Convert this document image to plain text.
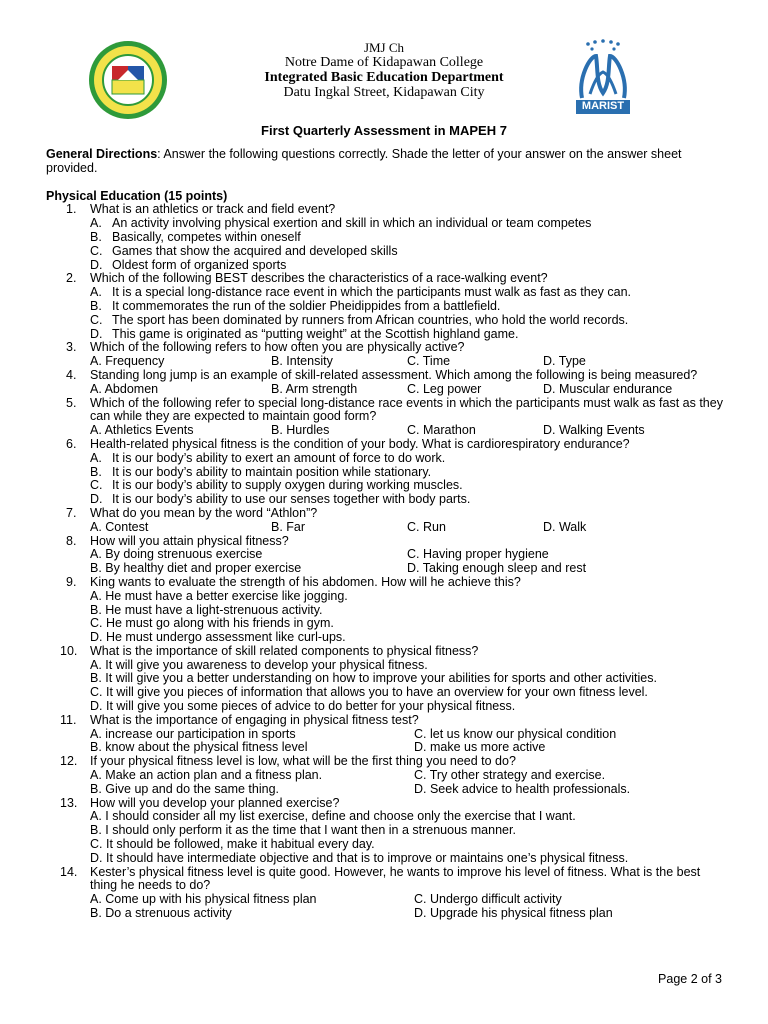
JMJ Ch
Notre Dame of Kidapawan College
Integrated Basic Education Department
Datu Ingkal Street, Kidapawan City
MARIST
First Quarterly Assessment in MAPEH 7
General Directions: Answer the following questions correctly. Shade the letter of your answer on the answer sheet provided.
Physical Education (15 points)
1. What is an athletics or track and field event?
A. An activity involving physical exertion and skill in which an individual or team competes
B. Basically, competes within oneself
C. Games that show the acquired and developed skills
D. Oldest form of organized sports
2. Which of the following BEST describes the characteristics of a race-walking event?
A. It is a special long-distance race event in which the participants must walk as fast as they can.
B. It commemorates the run of the soldier Pheidippides from a battlefield.
C. The sport has been dominated by runners from African countries, who hold the world records.
D. This game is originated as “putting weight” at the Scottish highland game.
3. Which of the following refers to how often you are physically active?
A. Frequency	B. Intensity	C. Time	D. Type
4. Standing long jump is an example of skill-related assessment. Which among the following is being measured?
A. Abdomen	B. Arm strength	C. Leg power	D. Muscular endurance
5. Which of the following refer to special long-distance race events in which the participants must walk as fast as they can while they are expected to maintain good form?
A. Athletics Events	B. Hurdles	C. Marathon	D. Walking Events
6. Health-related physical fitness is the condition of your body. What is cardiorespiratory endurance?
A. It is our body’s ability to exert an amount of force to do work.
B. It is our body’s ability to maintain position while stationary.
C. It is our body’s ability to supply oxygen during working muscles.
D. It is our body’s ability to use our senses together with body parts.
7. What do you mean by the word “Athlon”?
A. Contest	B. Far	C. Run	D. Walk
8. How will you attain physical fitness?
A. By doing strenuous exercise	C. Having proper hygiene
B. By healthy diet and proper exercise	D. Taking enough sleep and rest
9. King wants to evaluate the strength of his abdomen. How will he achieve this?
A. He must have a better exercise like jogging.
B. He must have a light-strenuous activity.
C. He must go along with his friends in gym.
D. He must undergo assessment like curl-ups.
10. What is the importance of skill related components to physical fitness?
A. It will give you awareness to develop your physical fitness.
B. It will give you a better understanding on how to improve your abilities for sports and other activities.
C. It will give you pieces of information that allows you to have an overview for your own fitness level.
D. It will give you some pieces of advice to do better for your physical fitness.
11. What is the importance of engaging in physical fitness test?
A. increase our participation in sports	C. let us know our physical condition
B. know about the physical fitness level	D. make us more active
12. If your physical fitness level is low, what will be the first thing you need to do?
A. Make an action plan and a fitness plan.	C. Try other strategy and exercise.
B. Give up and do the same thing.	D. Seek advice to health professionals.
13. How will you develop your planned exercise?
A. I should consider all my list exercise, define and choose only the exercise that I want.
B. I should only perform it as the time that I want then in a strenuous manner.
C. It should be followed, make it habitual every day.
D. It should have intermediate objective and that is to improve or maintains one’s physical fitness.
14. Kester’s physical fitness level is quite good. However, he wants to improve his level of fitness. What is the best thing he needs to do?
A. Come up with his physical fitness plan	C. Undergo difficult activity
B. Do a strenuous activity	D. Upgrade his physical fitness plan
Page 2 of 3
